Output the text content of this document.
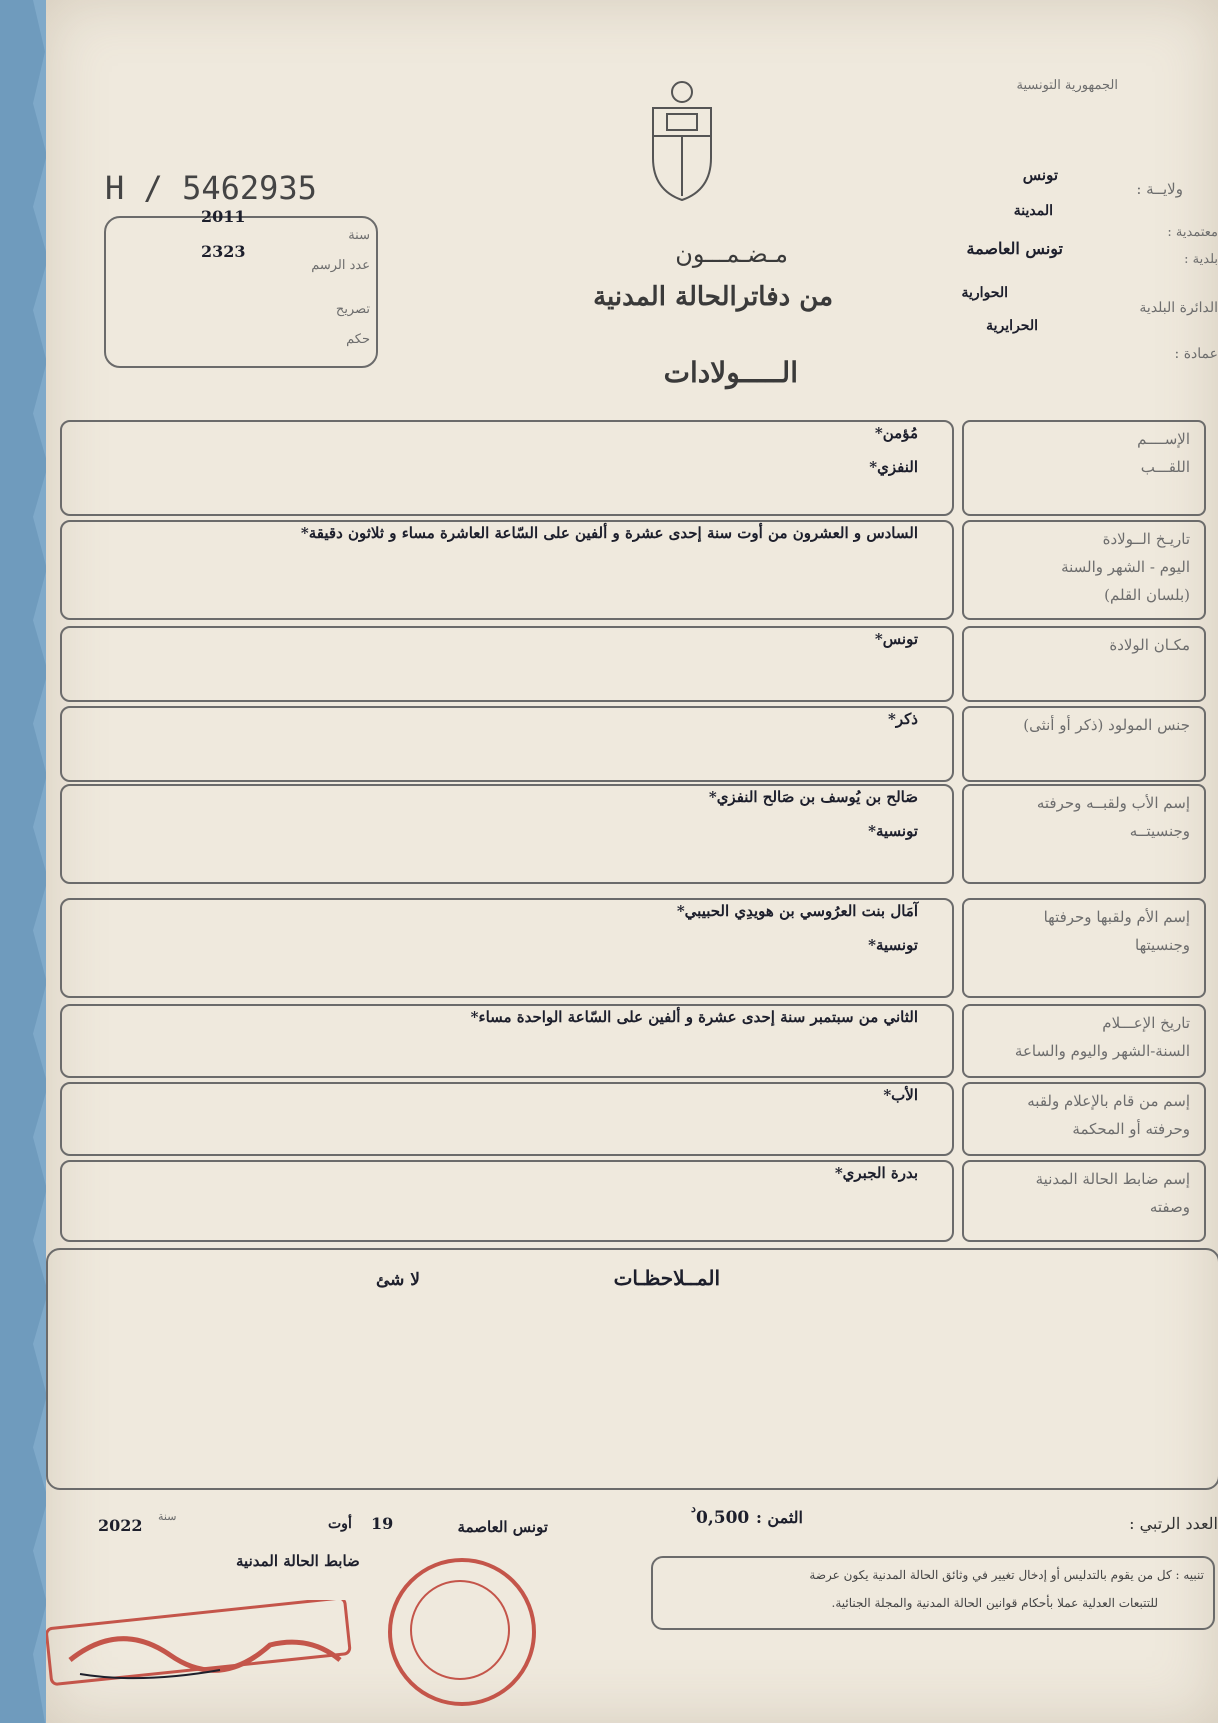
الجمهورية التونسية
ولايــة :
تونس
المدينة
معتمدية :
بلدية :
تونس العاصمة
الدائرة البلدية
الحوارية
الحرايرية
عمادة :
H / 5462935
2011
سنة
2323
عدد الرسم
تصريح
حكم
مـضـمـــون
من دفاترالحالة المدنية
الـــــولادات
الإســــم
اللقـــب
مُؤمن*
النفزي*
تاريـخ الــولادة
اليوم - الشهر والسنة
(بلسان القلم)
السادس و العشرون من أوت سنة إحدى عشرة و ألفين على السّاعة العاشرة مساء و ثلاثون دقيقة*
مكـان الولادة
تونس*
جنس المولود (ذكر أو أنثى)
ذكر*
إسم الأب ولقبــه وحرفته
وجنسيتــه
صَالح بن يُوسف بن صَالح النفزي*
تونسية*
إسم الأم ولقبها وحرفتها
وجنسيتها
آمَال بنت العرُوسي بن هويدِي الحبيبي*
تونسية*
تاريخ الإعـــلام
السنة-الشهر واليوم والساعة
الثاني من سبتمبر سنة إحدى عشرة و ألفين على السّاعة الواحدة مساء*
إسم من قام بالإعلام ولقبه
وحرفته أو المحكمة
الأب*
إسم ضابط الحالة المدنية
وصفته
بدرة الجبري*
المــلاحظـات
لا شئ
العدد الرتبي :
الثمن :
0,500
د
تونس العاصمة
19
أوت
2022 سنة
ضابط الحالة المدنية
تنبيه : كل من يقوم بالتدليس أو إدخال تغيير في وثائق الحالة المدنية يكون عرضة
للتتبعات العدلية عملا بأحكام قوانين الحالة المدنية والمجلة الجنائية.
